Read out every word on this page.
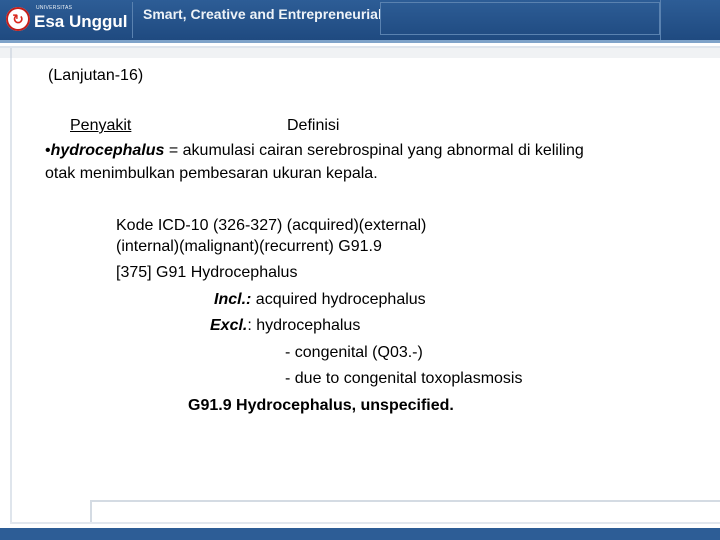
↻
UNIVERSITAS
Esa Unggul Smart, Creative and Entrepreneurial
(Lanjutan-16)
Penyakit	Definisi
•hydrocephalus = akumulasi cairan serebrospinal yang abnormal di keliling
otak menimbulkan pembesaran ukuran kepala.
Kode ICD-10 (326-327) (acquired)(external)
(internal)(malignant)(recurrent) G91.9
[375] G91 Hydrocephalus
Incl.: acquired hydrocephalus
Excl.: hydrocephalus
- congenital (Q03.-)
- due to congenital toxoplasmosis
G91.9 Hydrocephalus, unspecified.
